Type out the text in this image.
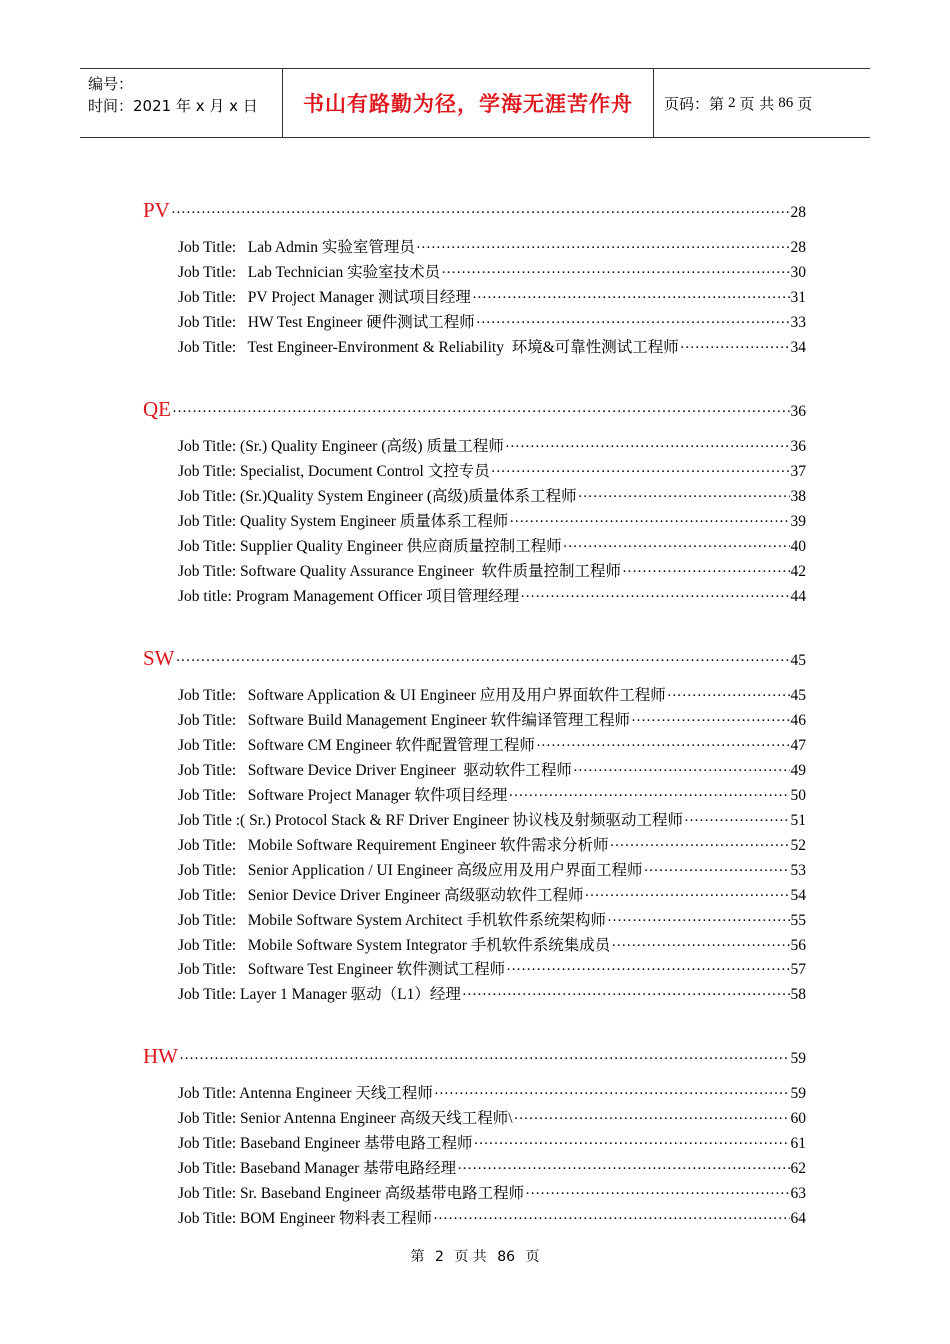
编号：
时间：2021 年 x 月 x 日	书山有路勤为径，学海无涯苦作舟	页码：第 2 页 共 86 页
PV ·····	28
Job Title:   Lab Admin 实验室管理员 ·····	28
Job Title:   Lab Technician 实验室技术员 ·····	30
Job Title:   PV Project Manager 测试项目经理 ·····	31
Job Title:   HW Test Engineer 硬件测试工程师 ·····	33
Job Title:   Test Engineer-Environment & Reliability  环境&可靠性测试工程师 ·····	34
QE ·····	36
Job Title: (Sr.) Quality Engineer (高级) 质量工程师 ·····	36
Job Title: Specialist, Document Control 文控专员 ·····	37
Job Title: (Sr.)Quality System Engineer (高级)质量体系工程师 ·····	38
Job Title: Quality System Engineer 质量体系工程师 ·····	39
Job Title: Supplier Quality Engineer 供应商质量控制工程师 ·····	40
Job Title: Software Quality Assurance Engineer  软件质量控制工程师 ·····	42
Job title: Program Management Officer 项目管理经理 ·····	44
SW ·····	45
Job Title:   Software Application & UI Engineer 应用及用户界面软件工程师 ·····	45
Job Title:   Software Build Management Engineer 软件编译管理工程师 ·····	46
Job Title:   Software CM Engineer 软件配置管理工程师 ·····	47
Job Title:   Software Device Driver Engineer  驱动软件工程师 ·····	49
Job Title:   Software Project Manager 软件项目经理 ·····	50
Job Title :( Sr.) Protocol Stack & RF Driver Engineer 协议栈及射频驱动工程师 ·····	51
Job Title:   Mobile Software Requirement Engineer 软件需求分析师 ·····	52
Job Title:   Senior Application / UI Engineer 高级应用及用户界面工程师 ·····	53
Job Title:   Senior Device Driver Engineer 高级驱动软件工程师 ·····	54
Job Title:   Mobile Software System Architect 手机软件系统架构师 ·····	55
Job Title:   Mobile Software System Integrator 手机软件系统集成员 ·····	56
Job Title:   Software Test Engineer 软件测试工程师 ·····	57
Job Title: Layer 1 Manager 驱动（L1）经理 ·····	58
HW ·····	59
Job Title: Antenna Engineer 天线工程师 ·····	59
Job Title: Senior Antenna Engineer 高级天线工程师\ ·····	60
Job Title: Baseband Engineer 基带电路工程师 ·····	61
Job Title: Baseband Manager 基带电路经理 ·····	62
Job Title: Sr. Baseband Engineer 高级基带电路工程师 ·····	63
Job Title: BOM Engineer 物料表工程师 ·····	64
第 2 页 共 86 页
